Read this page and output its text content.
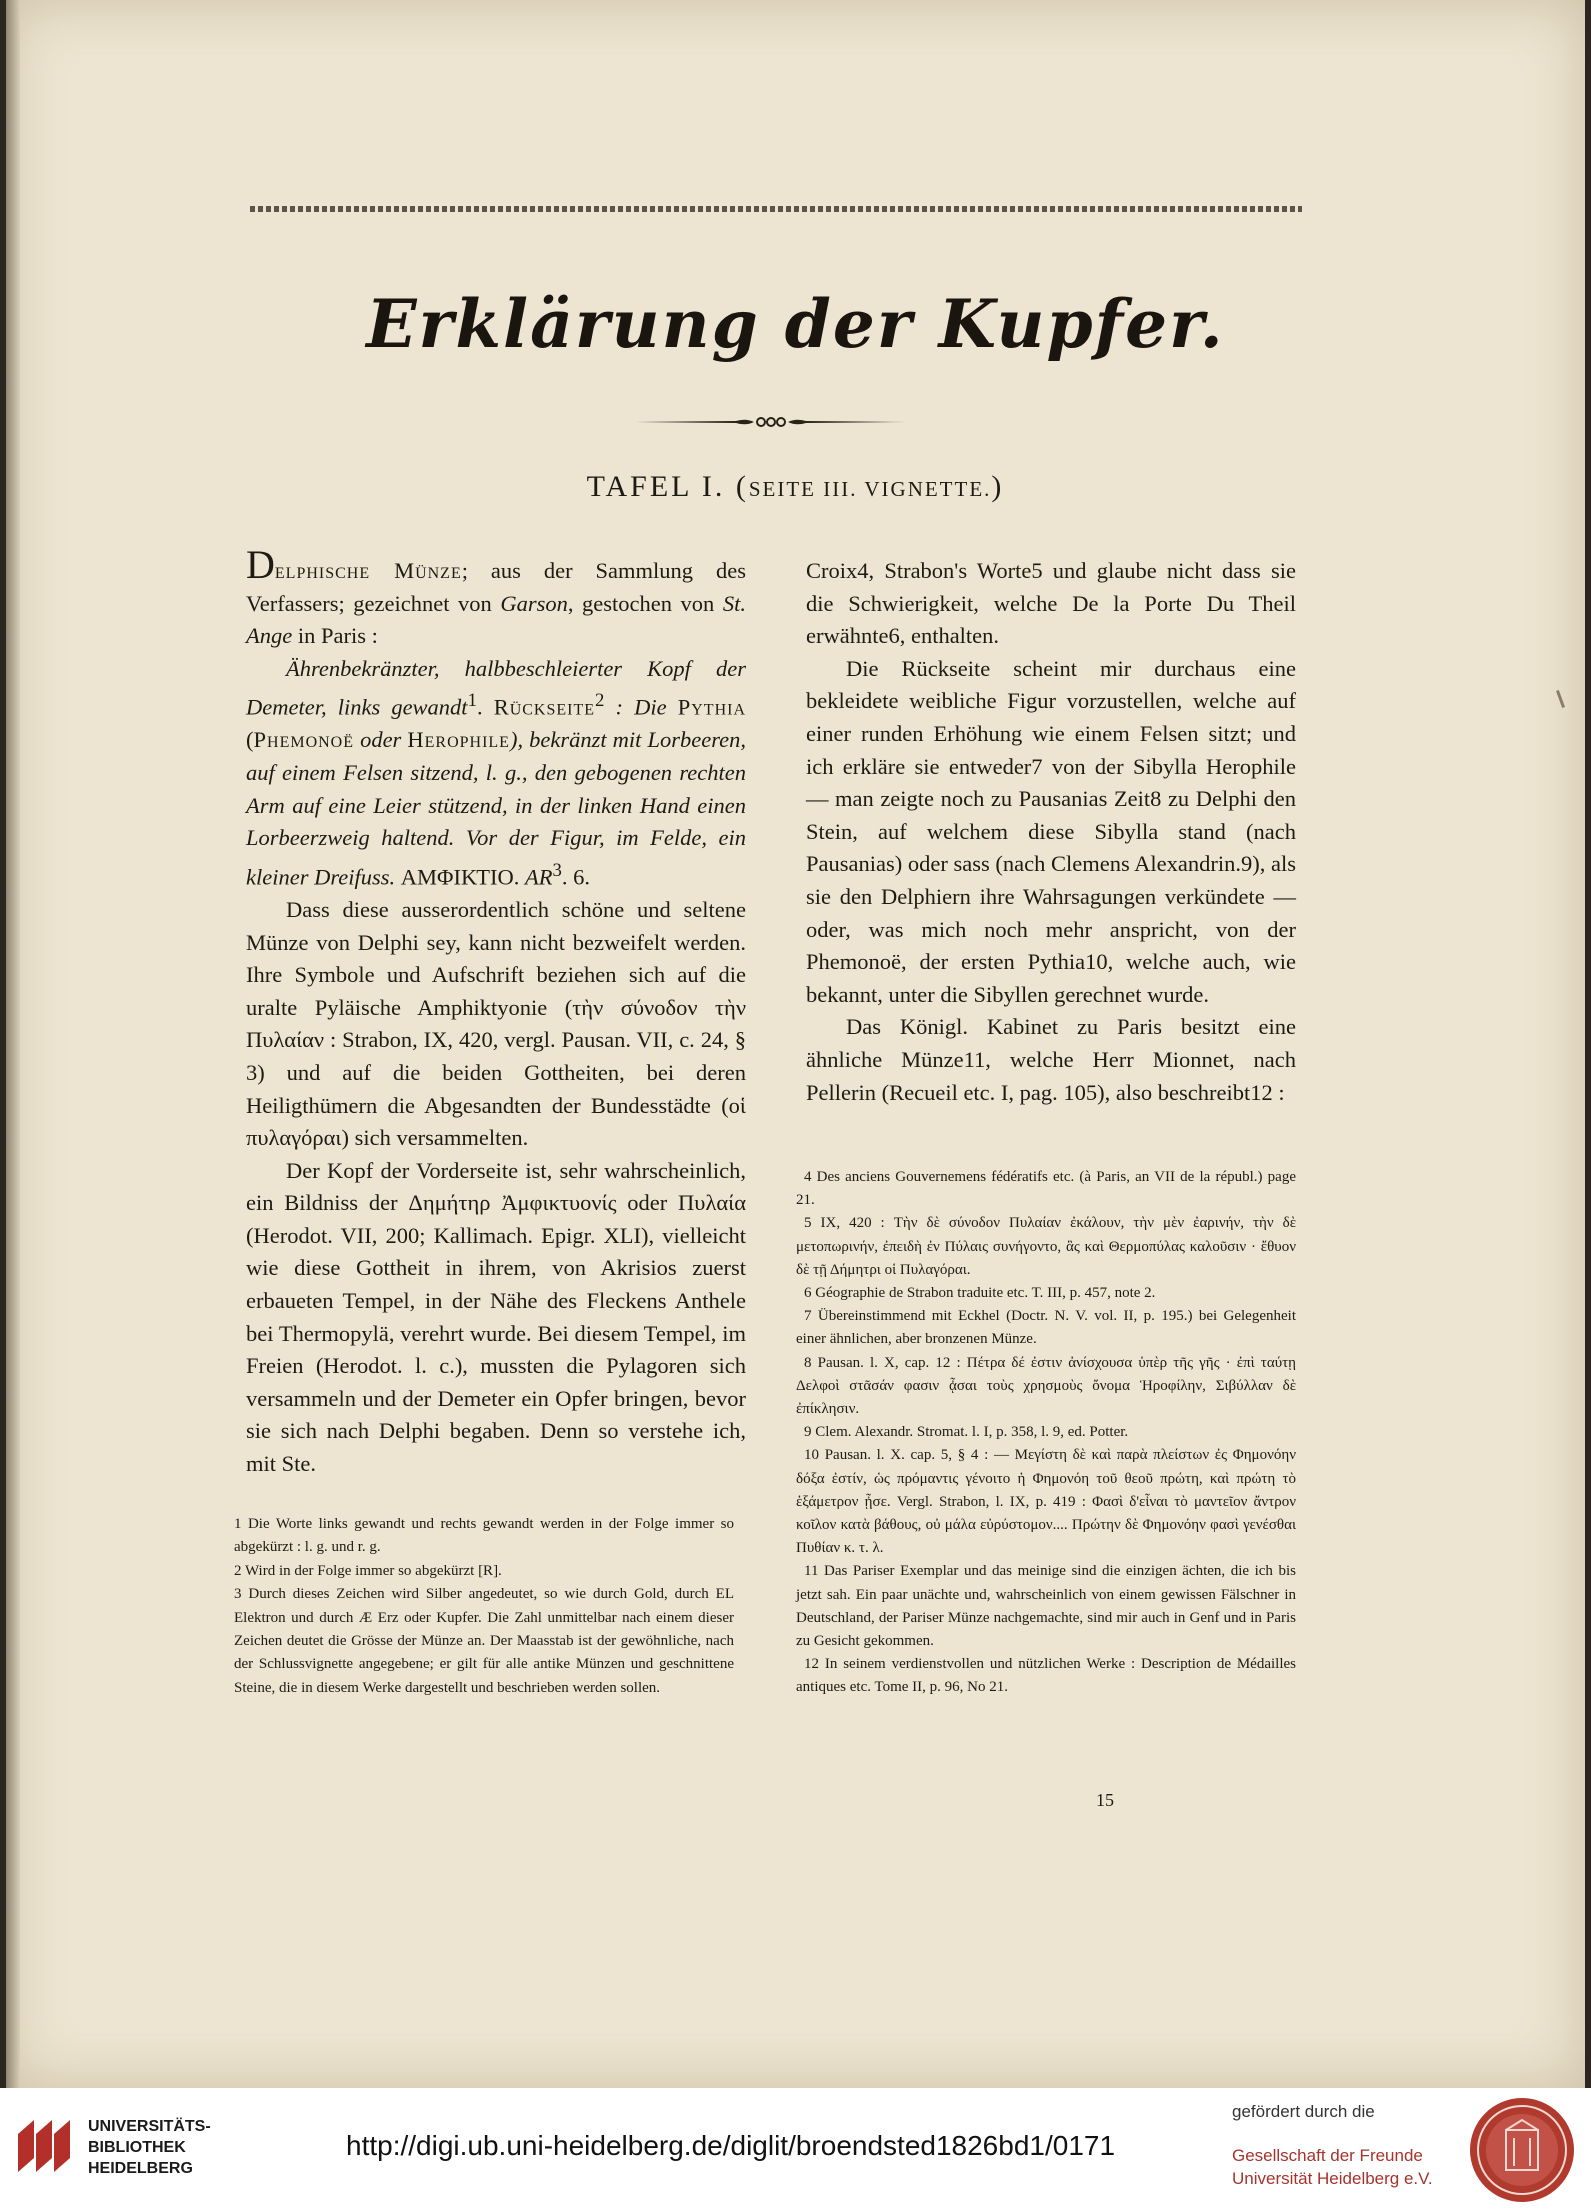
Erklärung der Kupfer.
TAFEL I. (SEITE III. VIGNETTE.)

Delphische Münze; aus der Sammlung des Verfassers; gezeichnet von Garson, gestochen von St. Ange in Paris :

Ährenbekränzter, halbbeschleierter Kopf der Demeter, links gewandt$^1$. Rückseite$^2$ : Die Pythia (Phemonoë oder Herophile), bekränzt mit Lorbeeren, auf einem Felsen sitzend, l. g., den gebogenen rechten Arm auf eine Leier stützend, in der linken Hand einen Lorbeerzweig haltend. Vor der Figur, im Felde, ein kleiner Dreifuss. ΑΜΦΙΚΤΙΟ. $AR^3$. 6.

Dass diese ausserordentlich schöne und seltene Münze von Delphi sey, kann nicht bezweifelt werden. Ihre Symbole und Aufschrift beziehen sich auf die uralte Pyläische Amphiktyonie (τὴν σύνοδον τὴν Πυλαίαν : Strabon, IX, 420, vergl. Pausan. VII, c. 24, § 3) und auf die beiden Gottheiten, bei deren Heiligthümern die Abgesandten der Bundesstädte (οἱ πυλαγόραι) sich versammelten.

Der Kopf der Vorderseite ist, sehr wahrscheinlich, ein Bildniss der Δημήτηρ Ἀμφικτυονίς oder Πυλαία (Herodot. VII, 200; Kallimach. Epigr. XLI), vielleicht wie diese Gottheit in ihrem, von Akrisios zuerst erbaueten Tempel, in der Nähe des Fleckens Anthele bei Thermopylä, verehrt wurde. Bei diesem Tempel, im Freien (Herodot. l. c.), mussten die Pylagoren sich versammeln und der Demeter ein Opfer bringen, bevor sie sich nach Delphi begaben. Denn so verstehe ich, mit Ste.

Croix4, Strabon's Worte5 und glaube nicht dass sie die Schwierigkeit, welche De la Porte Du Theil erwähnte6, enthalten.

Die Rückseite scheint mir durchaus eine bekleidete weibliche Figur vorzustellen, welche auf einer runden Erhöhung wie einem Felsen sitzt; und ich erkläre sie entweder7 von der Sibylla Herophile — man zeigte noch zu Pausanias Zeit8 zu Delphi den Stein, auf welchem diese Sibylla stand (nach Pausanias) oder sass (nach Clemens Alexandrin.9), als sie den Delphiern ihre Wahrsagungen verkündete — oder, was mich noch mehr anspricht, von der Phemonoë, der ersten Pythia10, welche auch, wie bekannt, unter die Sibyllen gerechnet wurde.

Das Königl. Kabinet zu Paris besitzt eine ähnliche Münze11, welche Herr Mionnet, nach Pellerin (Recueil etc. I, pag. 105), also beschreibt12 :

1 Die Worte links gewandt und rechts gewandt werden in der Folge immer so abgekürzt : l. g. und r. g.

2 Wird in der Folge immer so abgekürzt [R].

3 Durch dieses Zeichen wird Silber angedeutet, so wie durch Gold, durch EL Elektron und durch Æ Erz oder Kupfer. Die Zahl unmittelbar nach einem dieser Zeichen deutet die Grösse der Münze an. Der Maasstab ist der gewöhnliche, nach der Schlussvignette angegebene; er gilt für alle antike Münzen und geschnittene Steine, die in diesem Werke dargestellt und beschrieben werden sollen.

4 Des anciens Gouvernemens fédératifs etc. (à Paris, an VII de la républ.) page 21.

5 IX, 420 : Τὴν δὲ σύνοδον Πυλαίαν ἐκάλουν, τὴν μὲν ἐαρινήν, τὴν δὲ μετοπωρινήν, ἐπειδὴ ἐν Πύλαις συνήγοντο, ἃς καὶ Θερμοπύλας καλοῦσιν · ἔθυον δὲ τῇ Δήμητρι οἱ Πυλαγόραι.

6 Géographie de Strabon traduite etc. T. III, p. 457, note 2.

7 Übereinstimmend mit Eckhel (Doctr. N. V. vol. II, p. 195.) bei Gelegenheit einer ähnlichen, aber bronzenen Münze.

8 Pausan. l. X, cap. 12 : Πέτρα δέ ἐστιν ἀνίσχουσα ὑπὲρ τῆς γῆς · ἐπὶ ταύτῃ Δελφοὶ στᾶσάν φασιν ᾆσαι τοὺς χρησμοὺς ὄνομα Ἡροφίλην, Σιβύλλαν δὲ ἐπίκλησιν.

9 Clem. Alexandr. Stromat. l. I, p. 358, l. 9, ed. Potter.

10 Pausan. l. X. cap. 5, § 4 : — Μεγίστη δὲ καὶ παρὰ πλείστων ἐς Φημονόην δόξα ἐστίν, ὡς πρόμαντις γένοιτο ἡ Φημονόη τοῦ θεοῦ πρώτη, καὶ πρώτη τὸ ἑξάμετρον ᾖσε. Vergl. Strabon, l. IX, p. 419 : Φασὶ δ'εἶναι τὸ μαντεῖον ἄντρον κοῖλον κατὰ βάθους, οὐ μάλα εὐρύστομον.... Πρώτην δὲ Φημονόην φασὶ γενέσθαι Πυθίαν κ. τ. λ.

11 Das Pariser Exemplar und das meinige sind die einzigen ächten, die ich bis jetzt sah. Ein paar unächte und, wahrscheinlich von einem gewissen Fälschner in Deutschland, der Pariser Münze nachgemachte, sind mir auch in Genf und in Paris zu Gesicht gekommen.

12 In seinem verdienstvollen und nützlichen Werke : Description de Médailles antiques etc. Tome II, p. 96, No 21.

15
UNIVERSITÄTS-
BIBLIOTHEK
HEIDELBERG
http://digi.ub.uni-heidelberg.de/diglit/broendsted1826bd1/0171
gefördert durch die
Gesellschaft der Freunde
Universität Heidelberg e.V.
